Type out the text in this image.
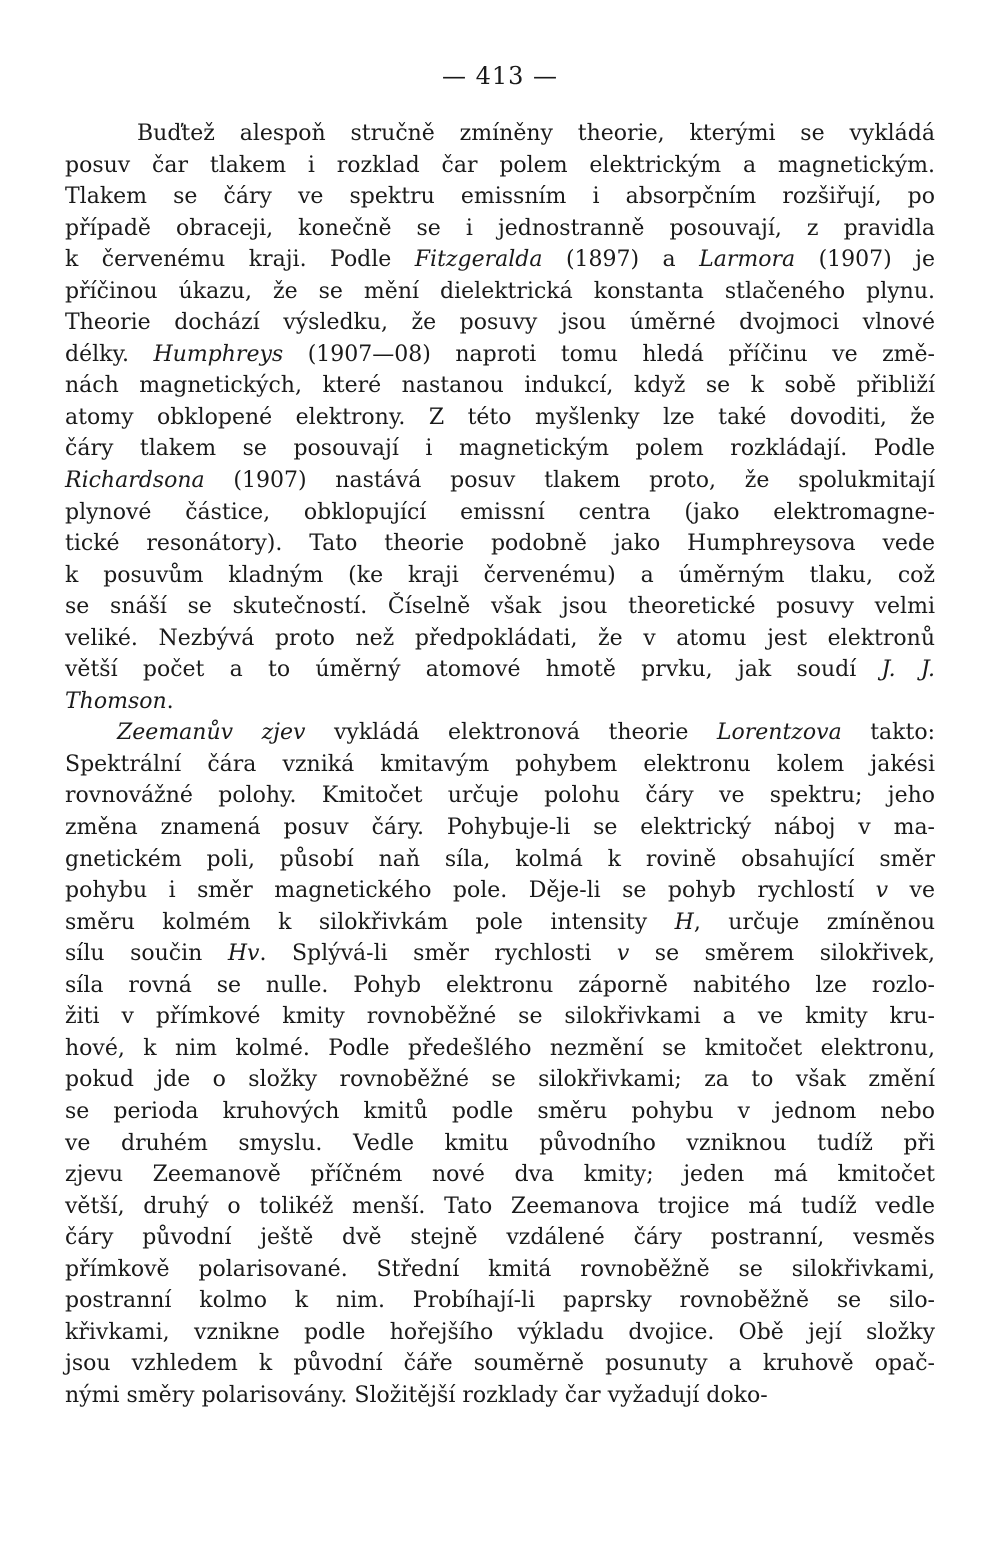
— 413 —
Buďtež alespoň stručně zmíněny theorie, kterými se vykládá
posuv čar tlakem i rozklad čar polem elektrickým a magnetickým.
Tlakem se čáry ve spektru emissním i absorpčním rozšiřují, po
případě obraceji, konečně se i jednostranně posouvají, z pravidla
k červenému kraji. Podle Fitzgeralda (1897) a Larmora (1907) je
příčinou úkazu, že se mění dielektrická konstanta stlačeného plynu.
Theorie dochází výsledku, že posuvy jsou úměrné dvojmoci vlnové
délky. Humphreys (1907—08) naproti tomu hledá příčinu ve změ-
nách magnetických, které nastanou indukcí, když se k sobě přibliží
atomy obklopené elektrony. Z této myšlenky lze také dovoditi, že
čáry tlakem se posouvají i magnetickým polem rozkládají. Podle
Richardsona (1907) nastává posuv tlakem proto, že spolukmitají
plynové částice, obklopující emissní centra (jako elektromagne-
tické resonátory). Tato theorie podobně jako Humphreysova vede
k posuvům kladným (ke kraji červenému) a úměrným tlaku, což
se snáší se skutečností. Číselně však jsou theoretické posuvy velmi
veliké. Nezbývá proto než předpokládati, že v atomu jest elektronů
větší počet a to úměrný atomové hmotě prvku, jak soudí J. J.
Thomson.
Zeemanův zjev vykládá elektronová theorie Lorentzova takto:
Spektrální čára vzniká kmitavým pohybem elektronu kolem jakési
rovnovážné polohy. Kmitočet určuje polohu čáry ve spektru; jeho
změna znamená posuv čáry. Pohybuje-li se elektrický náboj v ma-
gnetickém poli, působí naň síla, kolmá k rovině obsahující směr
pohybu i směr magnetického pole. Děje-li se pohyb rychlostí v ve
směru kolmém k silokřivkám pole intensity H, určuje zmíněnou
sílu součin Hv. Splývá-li směr rychlosti v se směrem silokřivek,
síla rovná se nulle. Pohyb elektronu záporně nabitého lze rozlo-
žiti v přímkové kmity rovnoběžné se silokřivkami a ve kmity kru-
hové, k nim kolmé. Podle předešlého nezmění se kmitočet elektronu,
pokud jde o složky rovnoběžné se silokřivkami; za to však změní
se perioda kruhových kmitů podle směru pohybu v jednom nebo
ve druhém smyslu. Vedle kmitu původního vzniknou tudíž při
zjevu Zeemanově příčném nové dva kmity; jeden má kmitočet
větší, druhý o tolikéž menší. Tato Zeemanova trojice má tudíž vedle
čáry původní ještě dvě stejně vzdálené čáry postranní, vesměs
přímkově polarisované. Střední kmitá rovnoběžně se silokřivkami,
postranní kolmo k nim. Probíhají-li paprsky rovnoběžně se silo-
křivkami, vznikne podle hořejšího výkladu dvojice. Obě její složky
jsou vzhledem k původní čáře souměrně posunuty a kruhově opač-
nými směry polarisovány. Složitější rozklady čar vyžadují doko-
